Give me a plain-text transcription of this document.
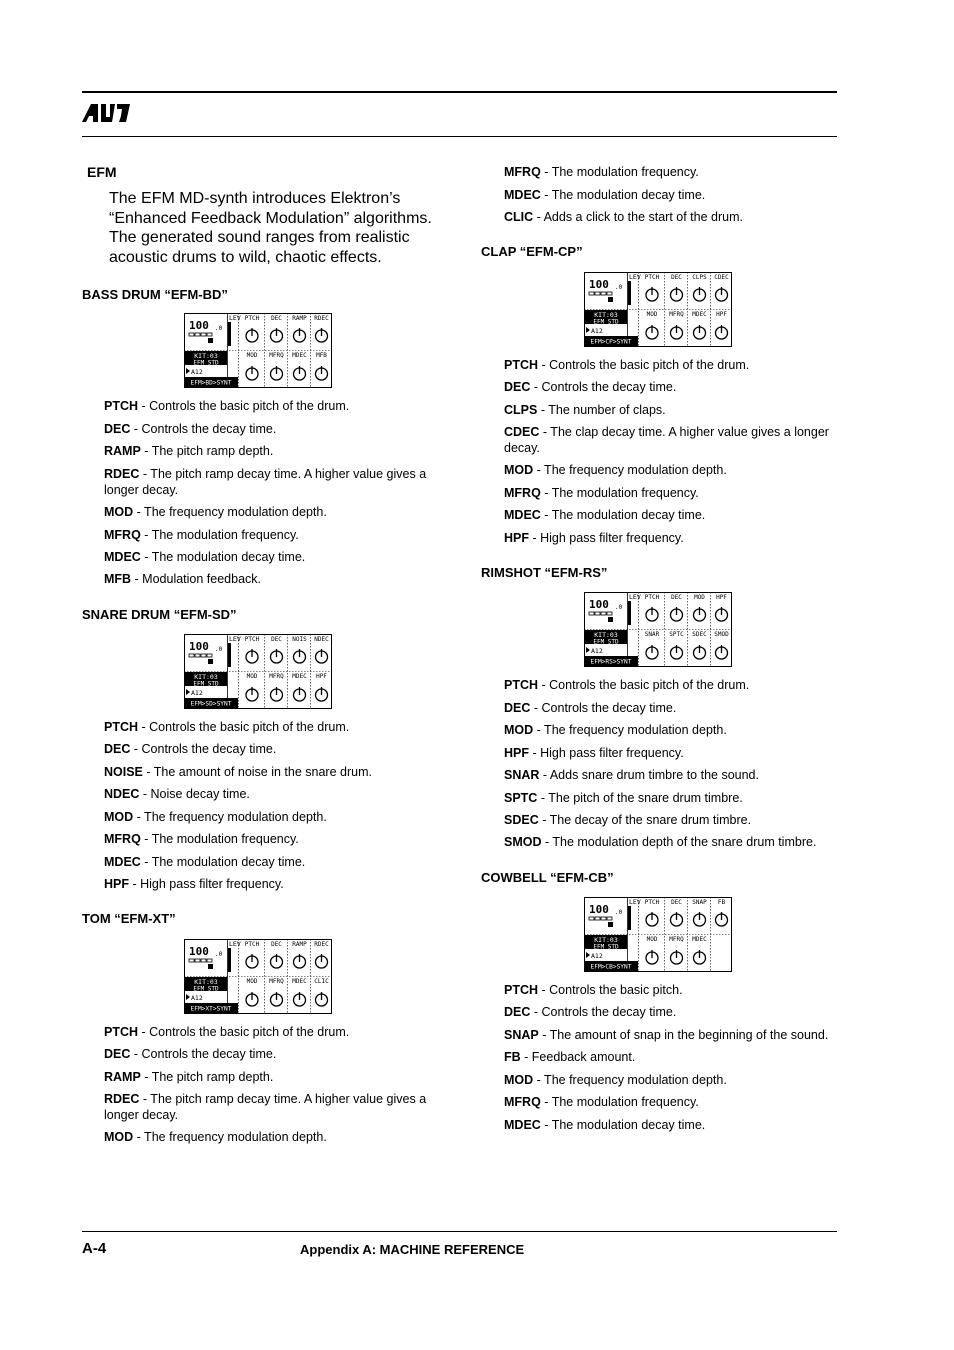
EFM
The EFM MD-synth introduces Elektron’s “Enhanced Feedback Modulation” algorithms. The generated sound ranges from realistic acoustic drums to wild, chaotic effects.
BASS DRUM “EFM-BD”
100 .0
LEV
KIT:03
EFM STD
A12
EFM>BD>SYNT
PTCH
MOD
DEC
MFRQ
RAMP
MDEC
RDEC
MFB
PTCH - Controls the basic pitch of the drum.
DEC - Controls the decay time.
RAMP - The pitch ramp depth.
RDEC - The pitch ramp decay time. A higher value gives a longer decay.
MOD - The frequency modulation depth.
MFRQ - The modulation frequency.
MDEC - The modulation decay time.
MFB - Modulation feedback.
SNARE DRUM “EFM-SD”
100 .0
LEV
KIT:03
EFM STD
A12
EFM>SD>SYNT
PTCH
MOD
DEC
MFRQ
NOIS
MDEC
NDEC
HPF
PTCH - Controls the basic pitch of the drum.
DEC - Controls the decay time.
NOISE - The amount of noise in the snare drum.
NDEC - Noise decay time.
MOD - The frequency modulation depth.
MFRQ - The modulation frequency.
MDEC - The modulation decay time.
HPF - High pass filter frequency.
TOM “EFM-XT”
100 .0
LEV
KIT:03
EFM STD
A12
EFM>XT>SYNT
PTCH
MOD
DEC
MFRQ
RAMP
MDEC
RDEC
CLIC
PTCH - Controls the basic pitch of the drum.
DEC - Controls the decay time.
RAMP - The pitch ramp depth.
RDEC - The pitch ramp decay time. A higher value gives a longer decay.
MOD - The frequency modulation depth.
MFRQ - The modulation frequency.
MDEC - The modulation decay time.
CLIC - Adds a click to the start of the drum.
CLAP “EFM-CP”
100 .0
LEV
KIT:03
EFM STD
A12
EFM>CP>SYNT
PTCH
MOD
DEC
MFRQ
CLPS
MDEC
CDEC
HPF
PTCH - Controls the basic pitch of the drum.
DEC - Controls the decay time.
CLPS - The number of claps.
CDEC - The clap decay time. A higher value gives a longer decay.
MOD - The frequency modulation depth.
MFRQ - The modulation frequency.
MDEC - The modulation decay time.
HPF - High pass filter frequency.
RIMSHOT “EFM-RS”
100 .0
LEV
KIT:03
EFM STD
A12
EFM>RS>SYNT
PTCH
SNAR
DEC
SPTC
MOD
SDEC
HPF
SMOD
PTCH - Controls the basic pitch of the drum.
DEC - Controls the decay time.
MOD - The frequency modulation depth.
HPF - High pass filter frequency.
SNAR - Adds snare drum timbre to the sound.
SPTC - The pitch of the snare drum timbre.
SDEC - The decay of the snare drum timbre.
SMOD - The modulation depth of the snare drum timbre.
COWBELL “EFM-CB”
100 .0
LEV
KIT:03
EFM STD
A12
EFM>CB>SYNT
PTCH
MOD
DEC
MFRQ
SNAP
MDEC
FB
PTCH - Controls the basic pitch.
DEC - Controls the decay time.
SNAP - The amount of snap in the beginning of the sound.
FB - Feedback amount.
MOD - The frequency modulation depth.
MFRQ - The modulation frequency.
MDEC - The modulation decay time.
A-4	Appendix A: MACHINE REFERENCE
